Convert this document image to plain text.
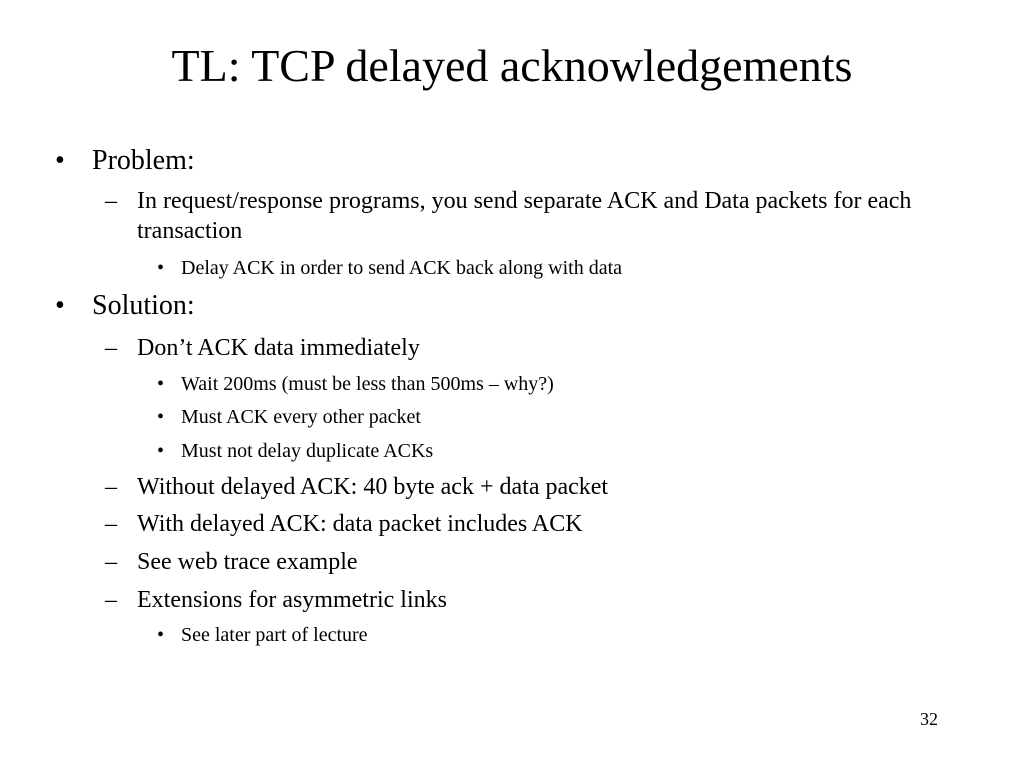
TL: TCP delayed acknowledgements
• Problem:
– In request/response programs, you send separate ACK and Data packets for each transaction
• Delay ACK in order to send ACK back along with data
• Solution:
– Don’t ACK data immediately
• Wait 200ms (must be less than 500ms – why?)
• Must ACK every other packet
• Must not delay duplicate ACKs
– Without delayed ACK: 40 byte ack + data packet
– With delayed ACK: data packet includes ACK
– See web trace example
– Extensions for asymmetric links
• See later part of lecture
32
